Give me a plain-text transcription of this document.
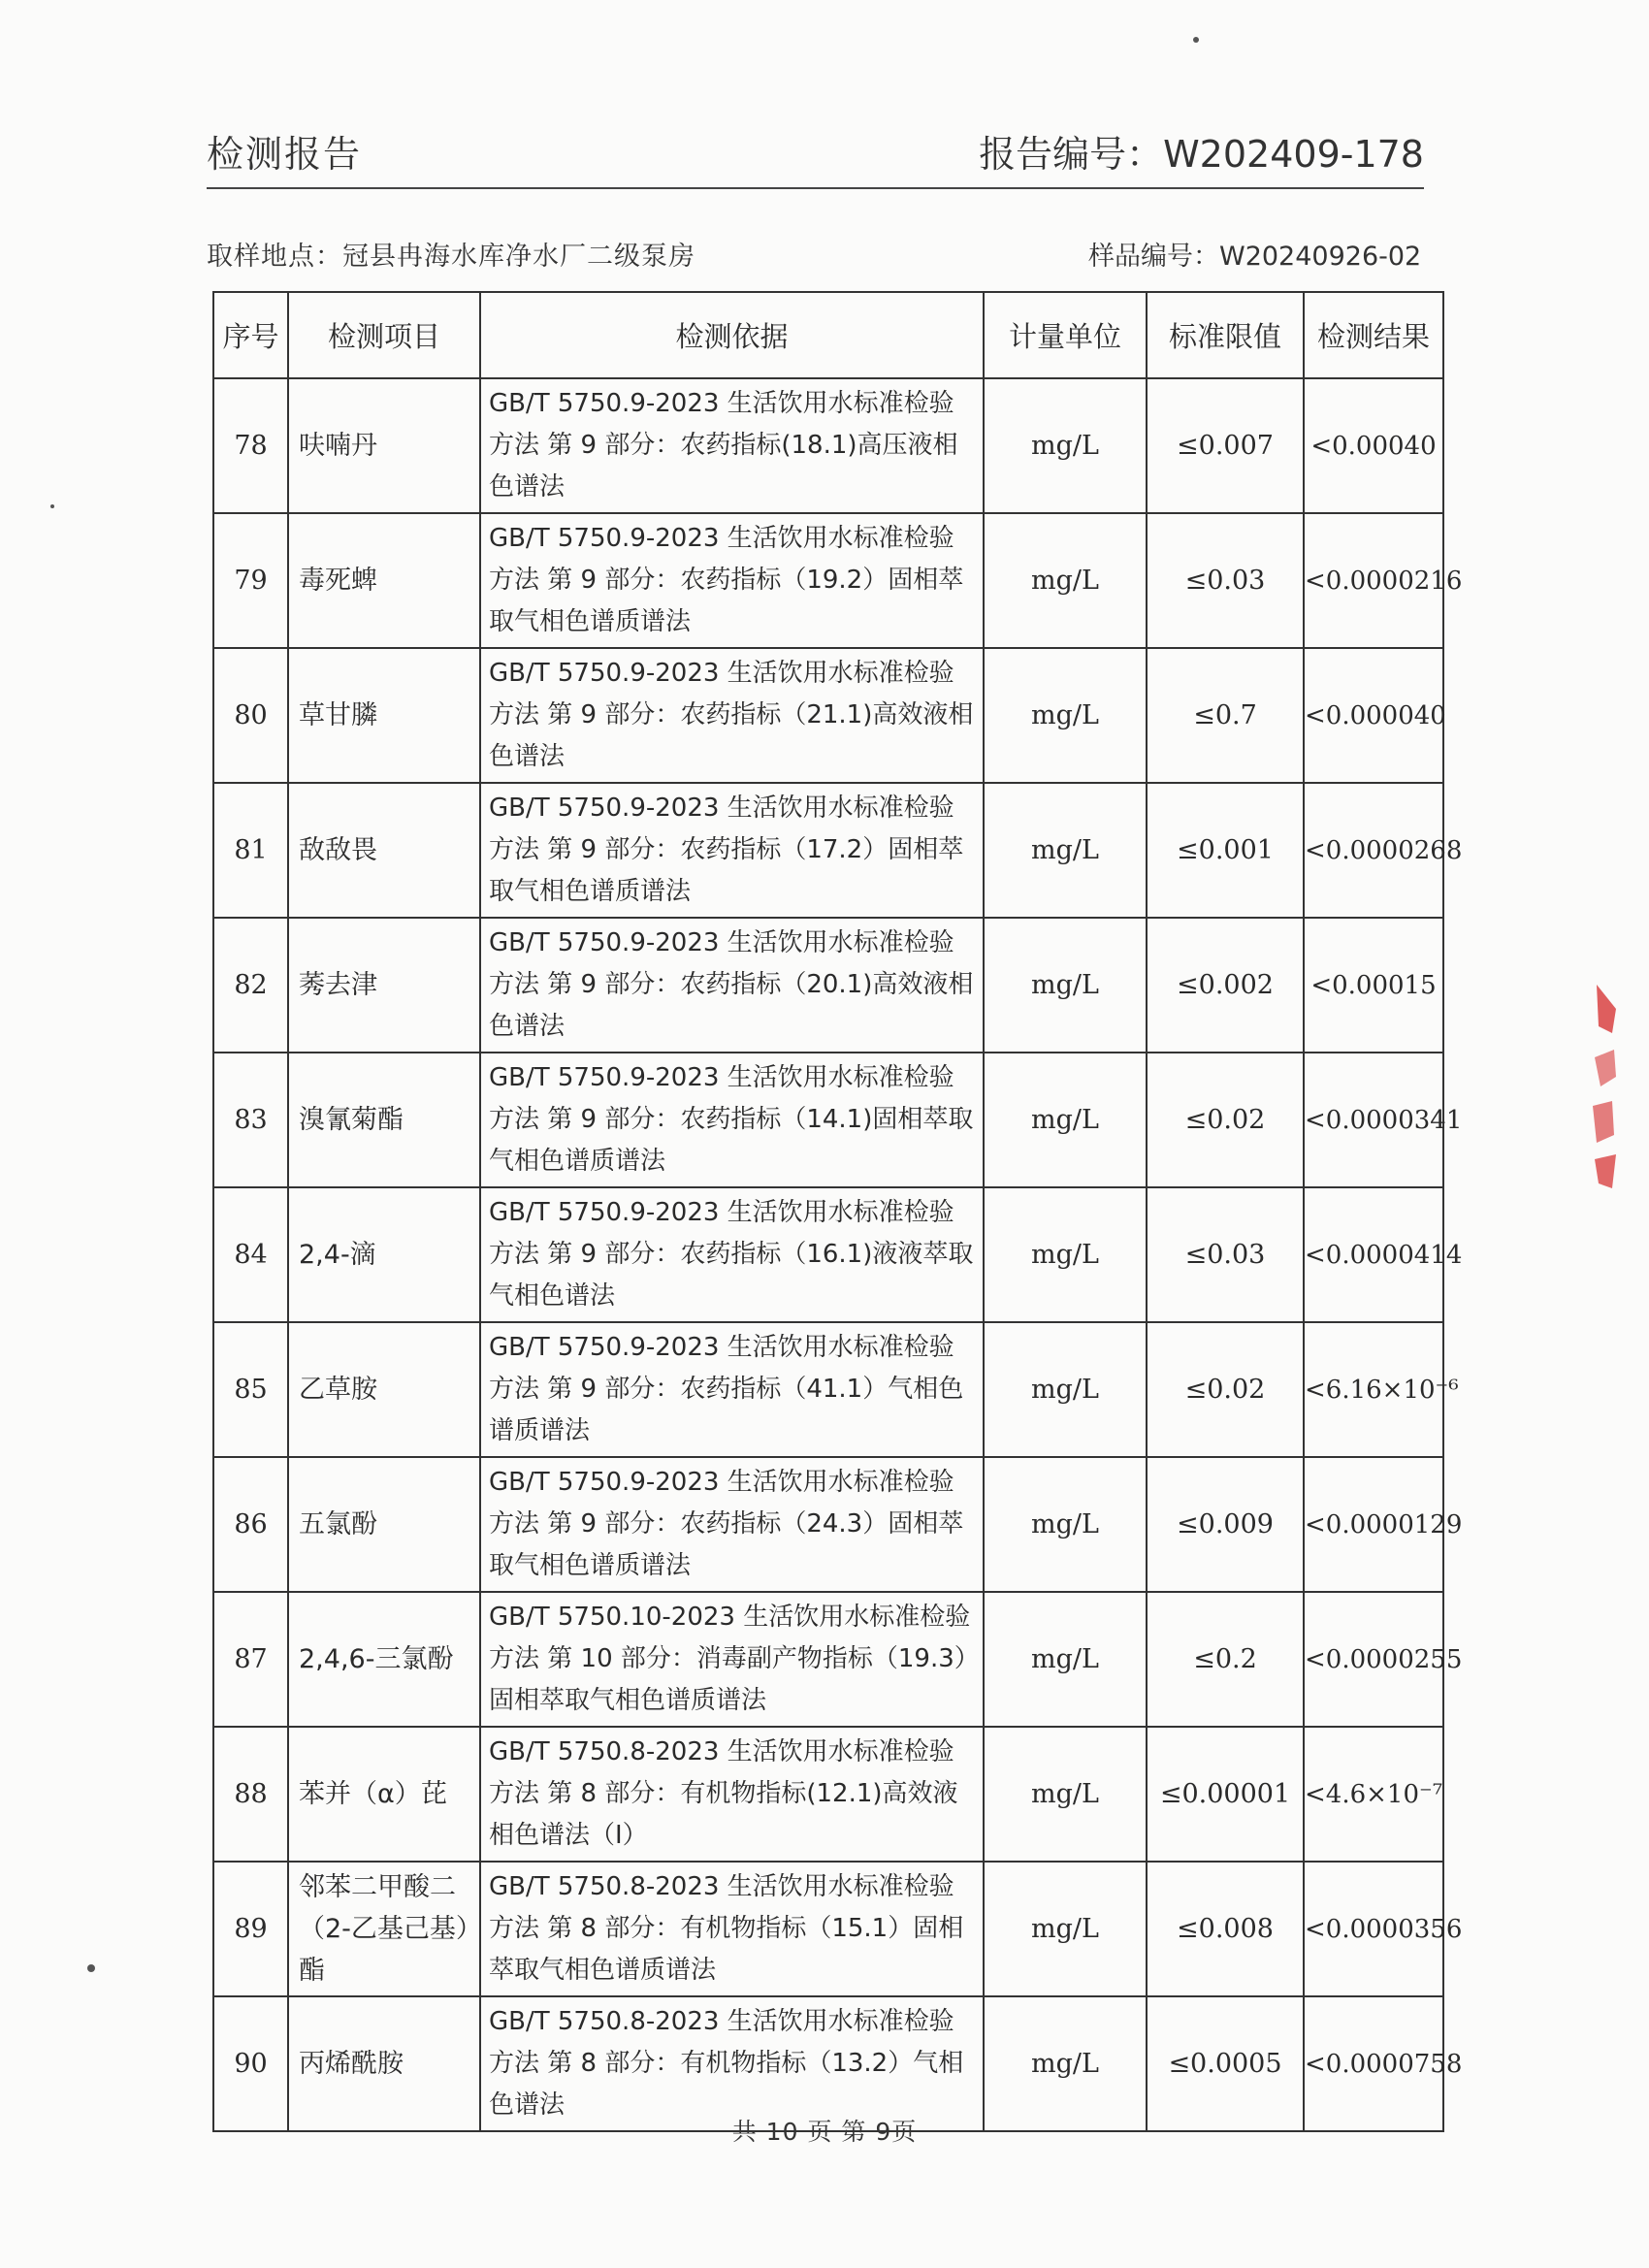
检测报告	报告编号：W202409-178
取样地点：冠县冉海水库净水厂二级泵房	样品编号：W20240926-02
序号	检测项目	检测依据	计量单位	标准限值	检测结果
78	呋喃丹	GB/T 5750.9-2023 生活饮用水标准检验方法 第 9 部分：农药指标(18.1)高压液相色谱法	mg/L	≤0.007	<0.00040
79	毒死蜱	GB/T 5750.9-2023 生活饮用水标准检验方法 第 9 部分：农药指标（19.2）固相萃取气相色谱质谱法	mg/L	≤0.03	<0.0000216
80	草甘膦	GB/T 5750.9-2023 生活饮用水标准检验方法 第 9 部分：农药指标（21.1)高效液相色谱法	mg/L	≤0.7	<0.000040
81	敌敌畏	GB/T 5750.9-2023 生活饮用水标准检验方法 第 9 部分：农药指标（17.2）固相萃取气相色谱质谱法	mg/L	≤0.001	<0.0000268
82	莠去津	GB/T 5750.9-2023 生活饮用水标准检验方法 第 9 部分：农药指标（20.1)高效液相色谱法	mg/L	≤0.002	<0.00015
83	溴氰菊酯	GB/T 5750.9-2023 生活饮用水标准检验方法 第 9 部分：农药指标（14.1)固相萃取气相色谱质谱法	mg/L	≤0.02	<0.0000341
84	2,4-滴	GB/T 5750.9-2023 生活饮用水标准检验方法 第 9 部分：农药指标（16.1)液液萃取气相色谱法	mg/L	≤0.03	<0.0000414
85	乙草胺	GB/T 5750.9-2023 生活饮用水标准检验方法 第 9 部分：农药指标（41.1）气相色谱质谱法	mg/L	≤0.02	<6.16×10⁻⁶
86	五氯酚	GB/T 5750.9-2023 生活饮用水标准检验方法 第 9 部分：农药指标（24.3）固相萃取气相色谱质谱法	mg/L	≤0.009	<0.0000129
87	2,4,6-三氯酚	GB/T 5750.10-2023 生活饮用水标准检验方法 第 10 部分：消毒副产物指标（19.3）固相萃取气相色谱质谱法	mg/L	≤0.2	<0.0000255
88	苯并（α）芘	GB/T 5750.8-2023 生活饮用水标准检验方法 第 8 部分：有机物指标(12.1)高效液相色谱法（Ⅰ）	mg/L	≤0.00001	<4.6×10⁻⁷
89	邻苯二甲酸二（2-乙基己基）酯	GB/T 5750.8-2023 生活饮用水标准检验方法 第 8 部分：有机物指标（15.1）固相萃取气相色谱质谱法	mg/L	≤0.008	<0.0000356
90	丙烯酰胺	GB/T 5750.8-2023 生活饮用水标准检验方法 第 8 部分：有机物指标（13.2）气相色谱法	mg/L	≤0.0005	<0.0000758
共 10 页 第 9页
